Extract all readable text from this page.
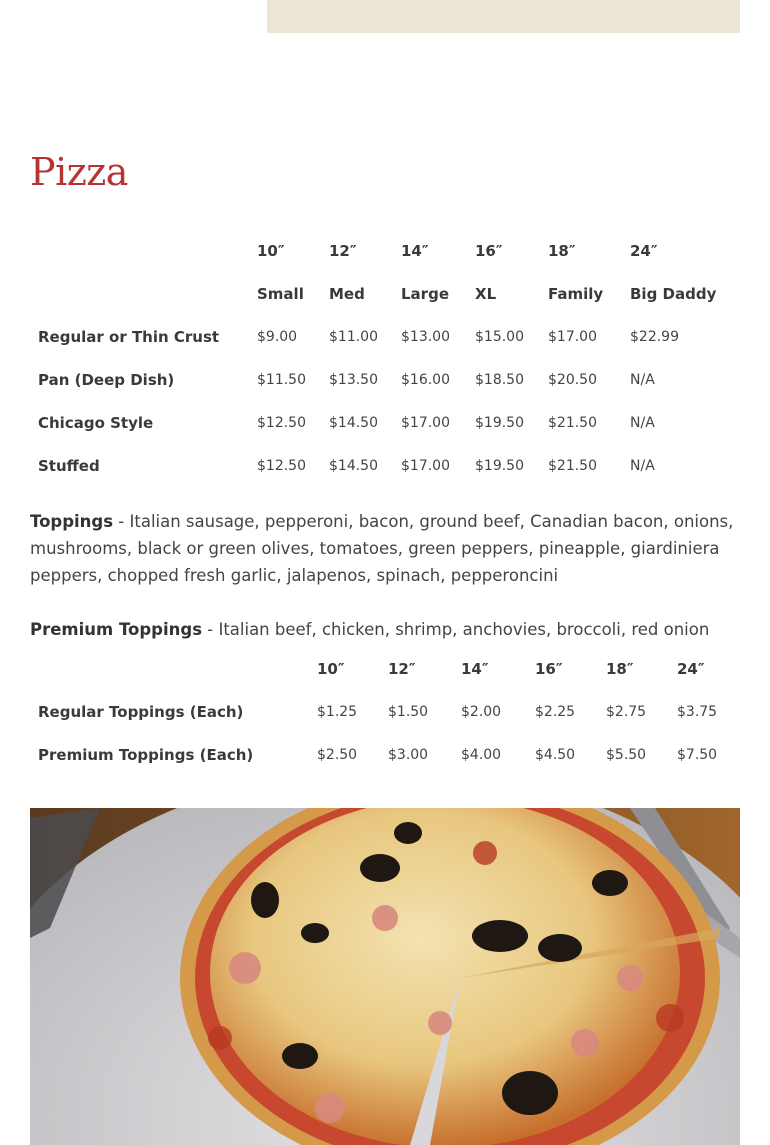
Pizza
	10″	12″	14″	16″	18″	24″
	Small	Med	Large	XL	Family	Big Daddy
Regular or Thin Crust	$9.00	$11.00	$13.00	$15.00	$17.00	$22.99
Pan (Deep Dish)	$11.50	$13.50	$16.00	$18.50	$20.50	N/A
Chicago Style	$12.50	$14.50	$17.00	$19.50	$21.50	N/A
Stuffed	$12.50	$14.50	$17.00	$19.50	$21.50	N/A

Toppings - Italian sausage, pepperoni, bacon, ground beef, Canadian bacon, onions, mushrooms, black or green olives, tomatoes, green peppers, pineapple, giardiniera peppers, chopped fresh garlic, jalapenos, spinach, pepperoncini

Premium Toppings - Italian beef, chicken, shrimp, anchovies, broccoli, red onion

	10″	12″	14″	16″	18″	24″
Regular Toppings (Each)	$1.25	$1.50	$2.00	$2.25	$2.75	$3.75
Premium Toppings (Each)	$2.50	$3.00	$4.00	$4.50	$5.50	$7.50
